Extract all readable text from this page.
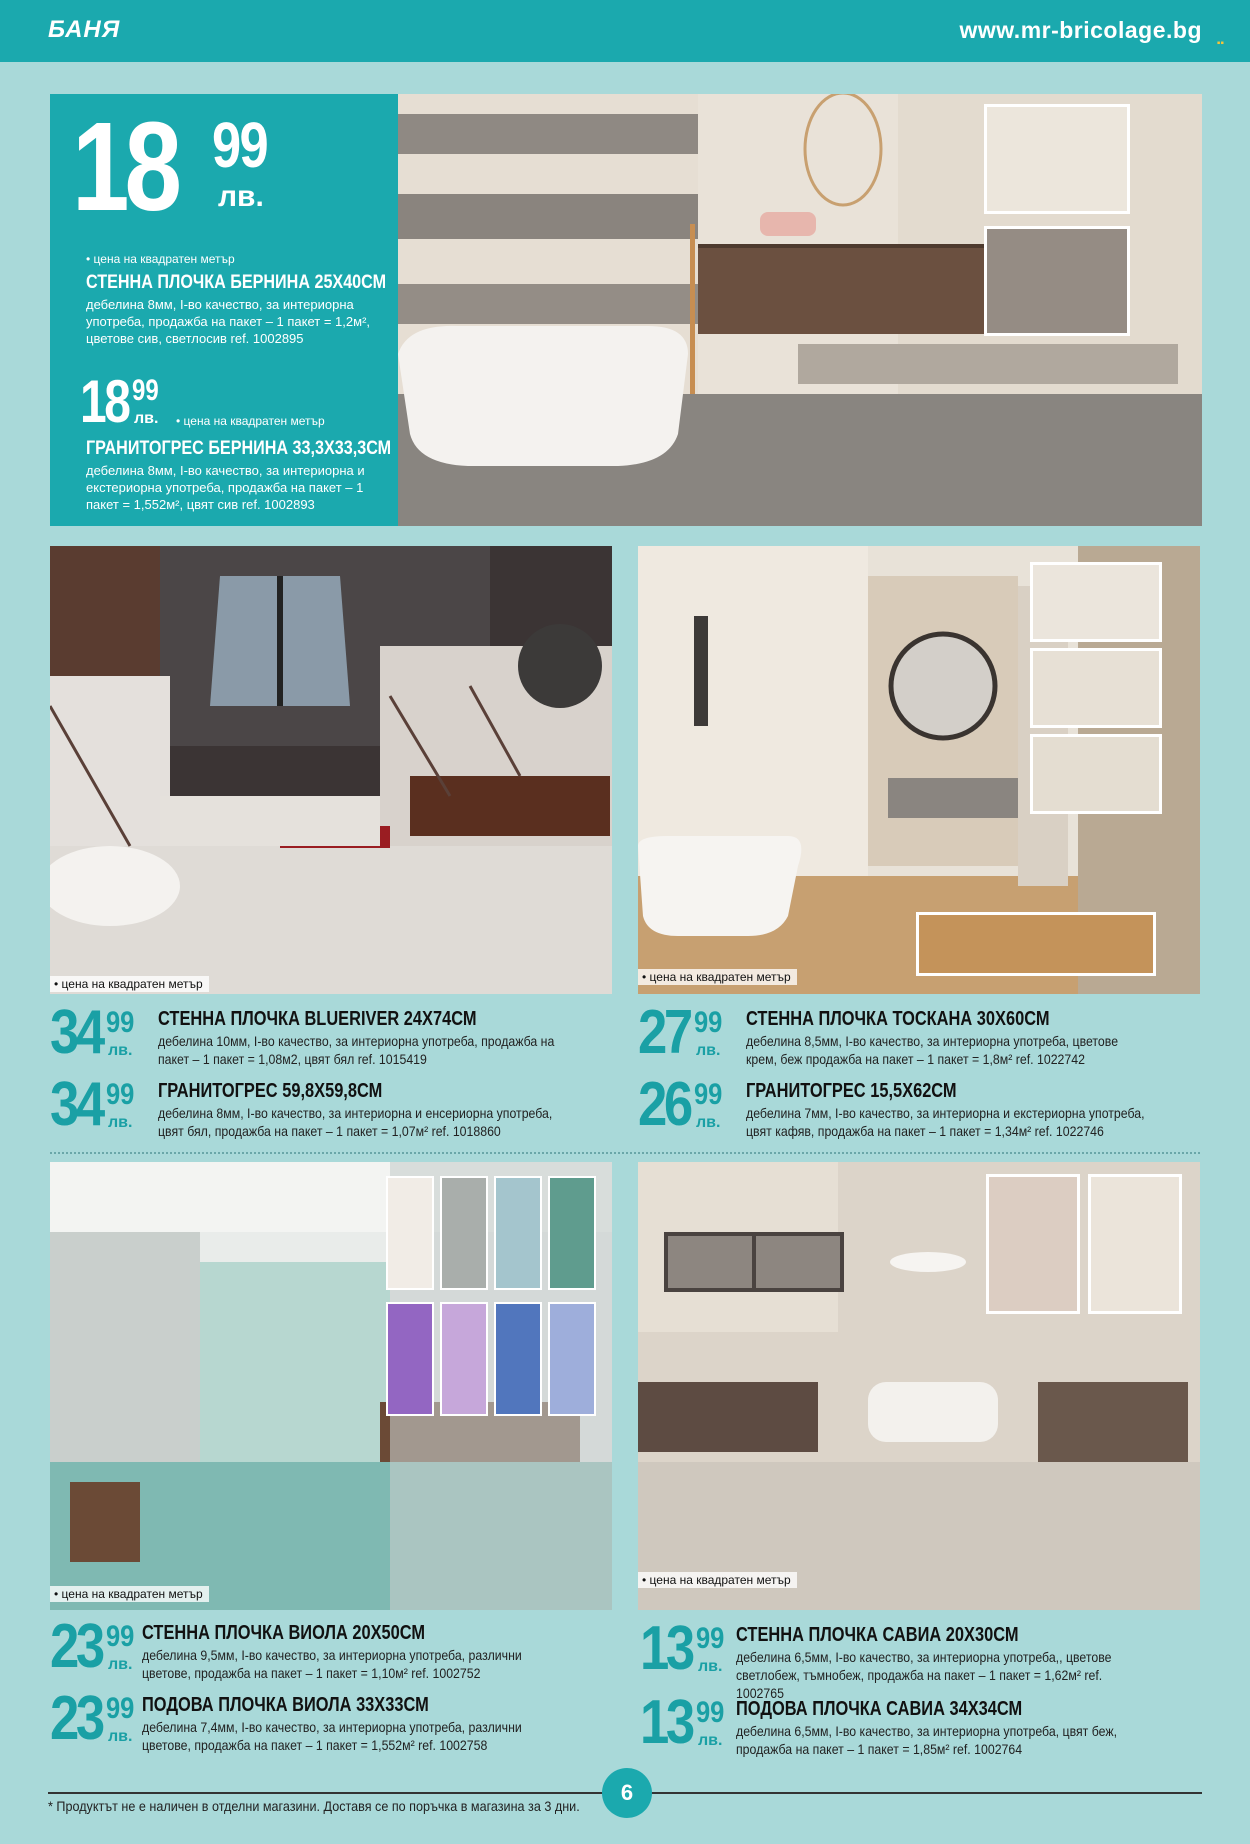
БАНЯ	www.mr-bricolage.bg
▪▪
18 99
лв.
• цена на квадратен метър
СТЕННА ПЛОЧКА БЕРНИНА 25Х40СМ
дебелина 8мм, I-во качество, за интериорна употреба, продажба на пакет – 1 пакет = 1,2м², цветове сив, светлосив ref. 1002895
18 99
лв. • цена на квадратен метър
ГРАНИТОГРЕС БЕРНИНА 33,3Х33,3СМ
дебелина 8мм, I-во качество, за интериорна и екстериорна употреба, продажба на пакет – 1 пакет = 1,552м², цвят сив ref. 1002893
• цена на квадратен метър	• цена на квадратен метър
34 99
лв.
СТЕННА ПЛОЧКА BLUERIVER 24Х74СМ
дебелина 10мм, I-во качество, за интериорна употреба, продажба на пакет – 1 пакет = 1,08м2, цвят бял ref. 1015419
34 99
лв.
ГРАНИТОГРЕС 59,8Х59,8СМ
дебелина 8мм, I-во качество, за интериорна и енсериорна употреба, цвят бял, продажба на пакет – 1 пакет = 1,07м² ref. 1018860
27 99
лв.
СТЕННА ПЛОЧКА ТОСКАНА 30Х60СМ
дебелина 8,5мм, I-во качество, за интериорна употреба, цветове крем, беж продажба на пакет – 1 пакет = 1,8м² ref. 1022742
26 99
лв.
ГРАНИТОГРЕС 15,5Х62СМ
дебелина 7мм, I-во качество, за интериорна и екстериорна употреба, цвят кафяв, продажба на пакет – 1 пакет = 1,34м² ref. 1022746
• цена на квадратен метър
• цена на квадратен метър
23 99
лв.
СТЕННА ПЛОЧКА ВИОЛА 20Х50СМ
дебелина 9,5мм, I-во качество, за интериорна употреба, различни цветове, продажба на пакет – 1 пакет = 1,10м² ref. 1002752
23 99
лв.
ПОДОВА ПЛОЧКА ВИОЛА 33Х33СМ
дебелина 7,4мм, I-во качество, за интериорна употреба, различни цветове, продажба на пакет – 1 пакет = 1,552м² ref. 1002758
13 99
лв.
СТЕННА ПЛОЧКА САВИА 20Х30СМ
дебелина 6,5мм, I-во качество, за интериорна употреба,, цветове светлобеж, тъмнобеж, продажба на пакет – 1 пакет = 1,62м² ref. 1002765
13 99
лв.
ПОДОВА ПЛОЧКА САВИА 34Х34СМ
дебелина 6,5мм, I-во качество, за интериорна употреба, цвят беж, продажба на пакет – 1 пакет = 1,85м² ref. 1002764
* Продуктът не е наличен в отделни магазини. Доставя се по поръчка в магазина за 3 дни.
6
